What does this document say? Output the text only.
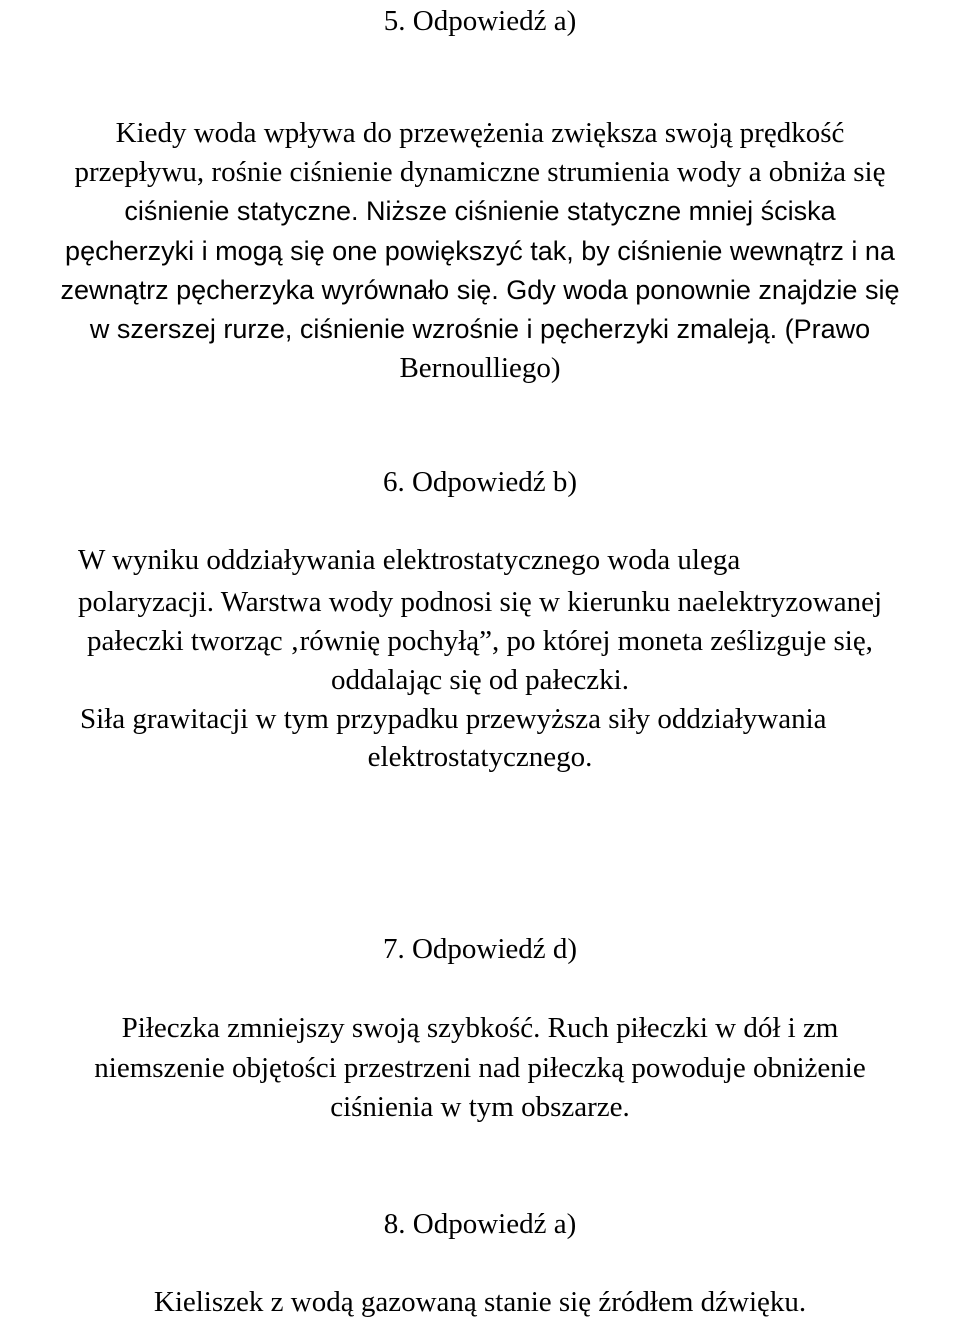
5. Odpowiedź a)
Kiedy woda wpływa do przewężenia zwiększa swoją prędkość
przepływu, rośnie ciśnienie dynamiczne strumienia wody a obniża się
ciśnienie statyczne. Niższe ciśnienie statyczne mniej ściska
pęcherzyki i mogą się one powiększyć tak, by ciśnienie wewnątrz i na
zewnątrz pęcherzyka wyrównało się. Gdy woda ponownie znajdzie się
w szerszej rurze, ciśnienie wzrośnie i pęcherzyki zmaleją. (Prawo
Bernoulliego)
6. Odpowiedź b)
W wyniku oddziaływania elektrostatycznego woda ulega
polaryzacji. Warstwa wody podnosi się w kierunku naelektryzowanej
pałeczki tworząc ‚równię pochyłą”, po której moneta ześlizguje się,
oddalając się od pałeczki.
Siła grawitacji w tym przypadku przewyższa siły oddziaływania
elektrostatycznego.
7. Odpowiedź d)
Piłeczka zmniejszy swoją szybkość. Ruch piłeczki w dół i zm
niemszenie objętości przestrzeni nad piłeczką powoduje obniżenie
ciśnienia w tym obszarze.
8. Odpowiedź a)
Kieliszek z wodą gazowaną stanie się źródłem dźwięku.
